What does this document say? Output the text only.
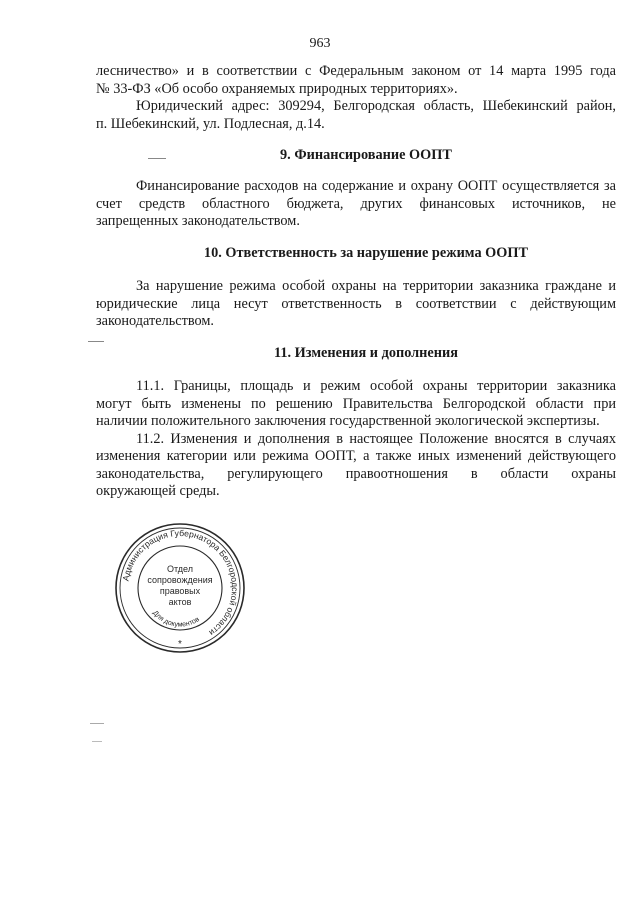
963
лесничество» и в соответствии с Федеральным законом от 14 марта 1995 года
№ 33-ФЗ «Об особо охраняемых природных территориях».
Юридический адрес: 309294, Белгородская область, Шебекинский район,
п. Шебекинский, ул. Подлесная, д.14.
9. Финансирование ООПТ
Финансирование расходов на содержание и охрану ООПТ осуществляется за
счет средств областного бюджета, других финансовых источников, не
запрещенных законодательством.
10. Ответственность за нарушение режима ООПТ
За нарушение режима особой охраны на территории заказника граждане и
юридические лица несут ответственность в соответствии с действующим
законодательством.
11. Изменения и дополнения
11.1. Границы, площадь и режим особой охраны территории заказника
могут быть изменены по решению Правительства Белгородской области при
наличии положительного заключения государственной экологической экспертизы.
11.2. Изменения и дополнения в настоящее Положение вносятся в случаях
изменения категории или режима ООПТ, а также иных изменений действующего
законодательства, регулирующего правоотношения в области охраны
окружающей среды.
Администрация Губернатора Белгородской области
Для документов
Отдел
сопровождения
правовых
актов
*
